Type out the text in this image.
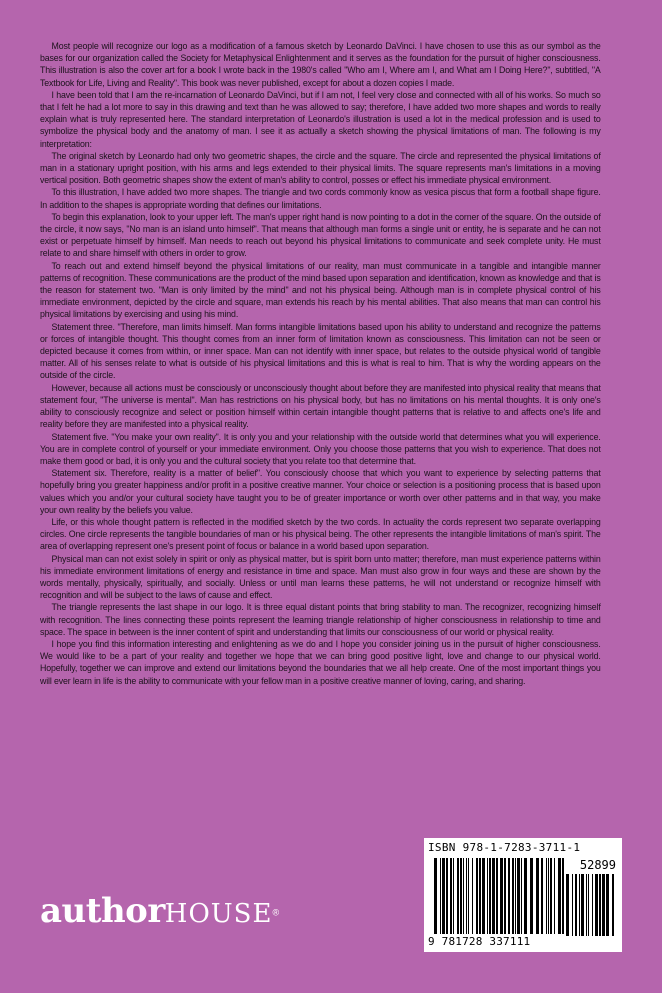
Most people will recognize our logo as a modification of a famous sketch by Leonardo DaVinci. I have chosen to use this as our symbol as the bases for our organization called the Society for Metaphysical Enlightenment and it serves as the foundation for the pursuit of higher consciousness. This illustration is also the cover art for a book I wrote back in the 1980's called "Who am I, Where am I, and What am I Doing Here?", subtitled, "A Textbook for Life, Living and Reality". This book was never published, except for about a dozen copies I made.

I have been told that I am the re-incarnation of Leonardo DaVinci, but if I am not, I feel very close and connected with all of his works. So much so that I felt he had a lot more to say in this drawing and text than he was allowed to say; therefore, I have added two more shapes and words to really explain what is truly represented here. The standard interpretation of Leonardo's illustration is used a lot in the medical profession and is used to symbolize the physical body and the anatomy of man. I see it as actually a sketch showing the physical limitations of man. The following is my interpretation:

The original sketch by Leonardo had only two geometric shapes, the circle and the square. The circle and represented the physical limitations of man in a stationary upright position, with his arms and legs extended to their physical limits. The square represents man's limitations in a moving vertical position. Both geometric shapes show the extent of man's ability to control, posses or effect his immediate physical environment.

To this illustration, I have added two more shapes. The triangle and two cords commonly know as vesica piscus that form a football shape figure. In addition to the shapes is appropriate wording that defines our limitations.

To begin this explanation, look to your upper left. The man's upper right hand is now pointing to a dot in the corner of the square. On the outside of the circle, it now says, "No man is an island unto himself". That means that although man forms a single unit or entity, he is separate and he can not exist or perpetuate himself by himself. Man needs to reach out beyond his physical limitations to communicate and seek complete unity. He must relate to and share himself with others in order to grow.

To reach out and extend himself beyond the physical limitations of our reality, man must communicate in a tangible and intangible manner patterns of recognition. These communications are the product of the mind based upon separation and identification, known as knowledge and that is the reason for statement two. "Man is only limited by the mind" and not his physical being. Although man is in complete physical control of his immediate environment, depicted by the circle and square, man extends his reach by his mental abilities. That also means that man can control his physical limitations by exercising and using his mind.

Statement three. "Therefore, man limits himself. Man forms intangible limitations based upon his ability to understand and recognize the patterns or forces of intangible thought. This thought comes from an inner form of limitation known as consciousness. This limitation can not be seen or depicted because it comes from within, or inner space. Man can not identify with inner space, but relates to the outside physical world of tangible matter. All of his senses relate to what is outside of his physical limitations and this is what is real to him. That is why the wording appears on the outside of the circle.

However, because all actions must be consciously or unconsciously thought about before they are manifested into physical reality that means that statement four, "The universe is mental". Man has restrictions on his physical body, but has no limitations on his mental thoughts. It is only one's ability to consciously recognize and select or position himself within certain intangible thought patterns that is relative to and affects one's life and reality before they are manifested into a physical reality.

Statement five. "You make your own reality". It is only you and your relationship with the outside world that determines what you will experience. You are in complete control of yourself or your immediate environment. Only you choose those patterns that you wish to experience. That does not make them good or bad, it is only you and the cultural society that you relate too that determine that.

Statement six. Therefore, reality is a matter of belief". You consciously choose that which you want to experience by selecting patterns that hopefully bring you greater happiness and/or profit in a positive creative manner. Your choice or selection is a positioning process that is based upon values which you and/or your cultural society have taught you to be of greater importance or worth over other patterns and in that way, you make your own reality by the beliefs you value.

Life, or this whole thought pattern is reflected in the modified sketch by the two cords. In actuality the cords represent two separate overlapping circles. One circle represents the tangible boundaries of man or his physical being. The other represents the intangible limitations of man's spirit. The area of overlapping represent one's present point of focus or balance in a world based upon separation.

Physical man can not exist solely in spirit or only as physical matter, but is spirit born unto matter; therefore, man must experience patterns within his immediate environment limitations of energy and resistance in time and space. Man must also grow in four ways and these are shown by the words mentally, physically, spiritually, and socially. Unless or until man learns these patterns, he will not understand or recognize himself with recognition and will be subject to the laws of cause and effect.

The triangle represents the last shape in our logo. It is three equal distant points that bring stability to man. The recognizer, recognizing himself with recognition. The lines connecting these points represent the learning triangle relationship of higher consciousness in relationship to time and space. The space in between is the inner content of spirit and understanding that limits our consciousness of our world or physical reality.

I hope you find this information interesting and enlightening as we do and I hope you consider joining us in the pursuit of higher consciousness. We would like to be a part of your reality and together we hope that we can bring good positive light, love and change to our physical world. Hopefully, together we can improve and extend our limitations beyond the boundaries that we all help create. One of the most important things you will ever learn in life is the ability to communicate with your fellow man in a positive creative manner of loving, caring, and sharing.

authorHOUSE®
ISBN 978-1-7283-3711-1
52899
9 781728 337111
